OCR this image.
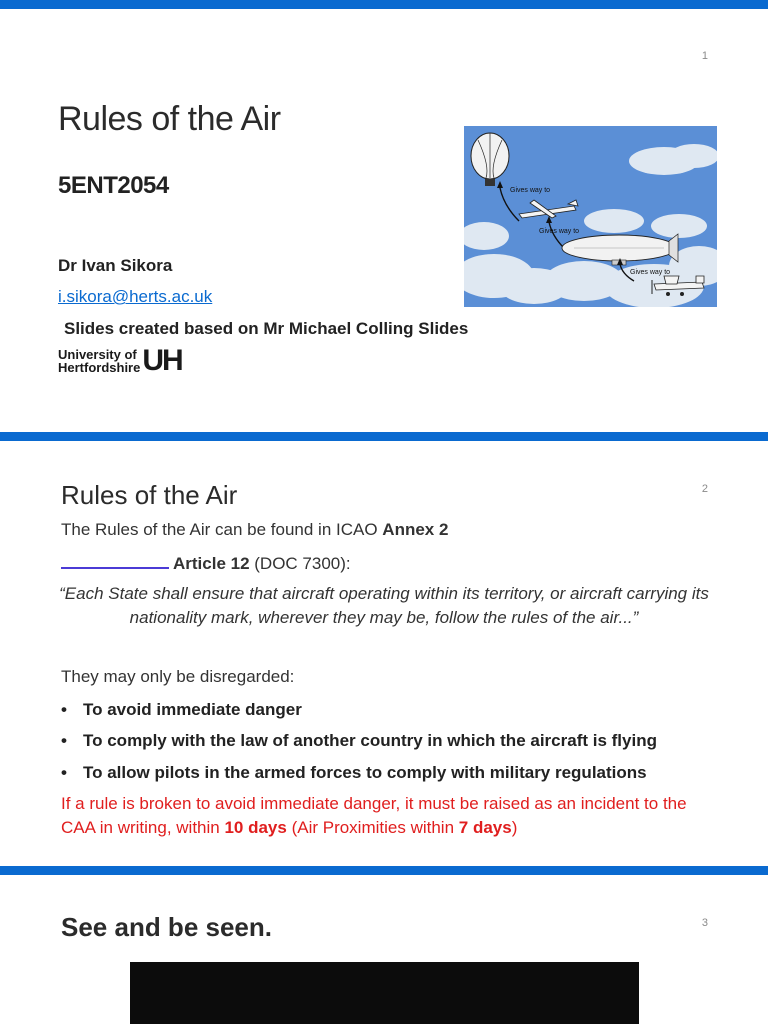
1
Rules of the Air
5ENT2054
Dr Ivan Sikora
i.sikora@herts.ac.uk
Slides created based on Mr Michael Colling Slides
University of
Hertfordshire UH
Gives way to
Gives way to
Gives way to
2
Rules of the Air
The Rules of the Air can be found in ICAO Annex 2
Article 12 (DOC 7300):
“Each State shall ensure that aircraft operating within its territory, or aircraft carrying its nationality mark, wherever they may be, follow the rules of the air...”
They may only be disregarded:
• To avoid immediate danger
• To comply with the law of another country in which the aircraft is flying
• To allow pilots in the armed forces to comply with military regulations
If a rule is broken to avoid immediate danger, it must be raised as an incident to the CAA in writing, within 10 days (Air Proximities within 7 days)
3
See and be seen.
